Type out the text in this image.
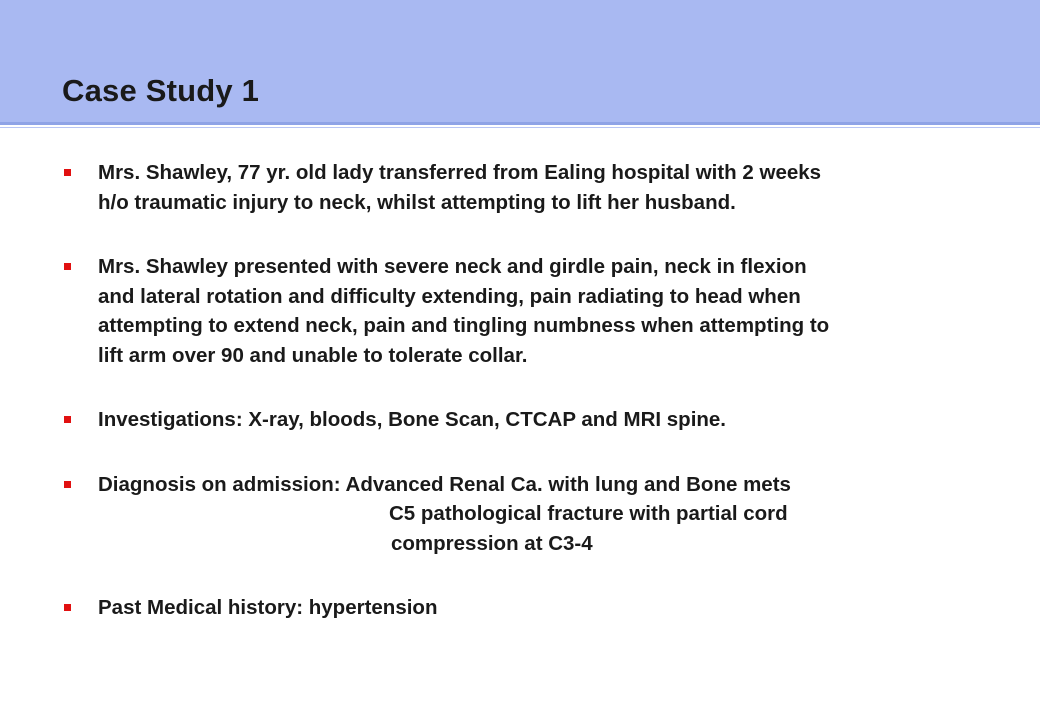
Case Study 1
Mrs. Shawley, 77 yr. old lady transferred from Ealing hospital with 2 weeks
h/o traumatic injury to neck, whilst attempting to lift her husband.
Mrs. Shawley presented with severe neck and girdle pain, neck in flexion
and lateral rotation and difficulty extending, pain radiating to head when
attempting to extend neck, pain and tingling numbness when attempting to
lift arm over 90 and unable to tolerate collar.
Investigations: X-ray, bloods, Bone Scan, CTCAP and MRI spine.
Diagnosis on admission: Advanced Renal Ca. with lung and Bone mets
C5 pathological fracture with partial cord
compression at C3-4
Past Medical history: hypertension
